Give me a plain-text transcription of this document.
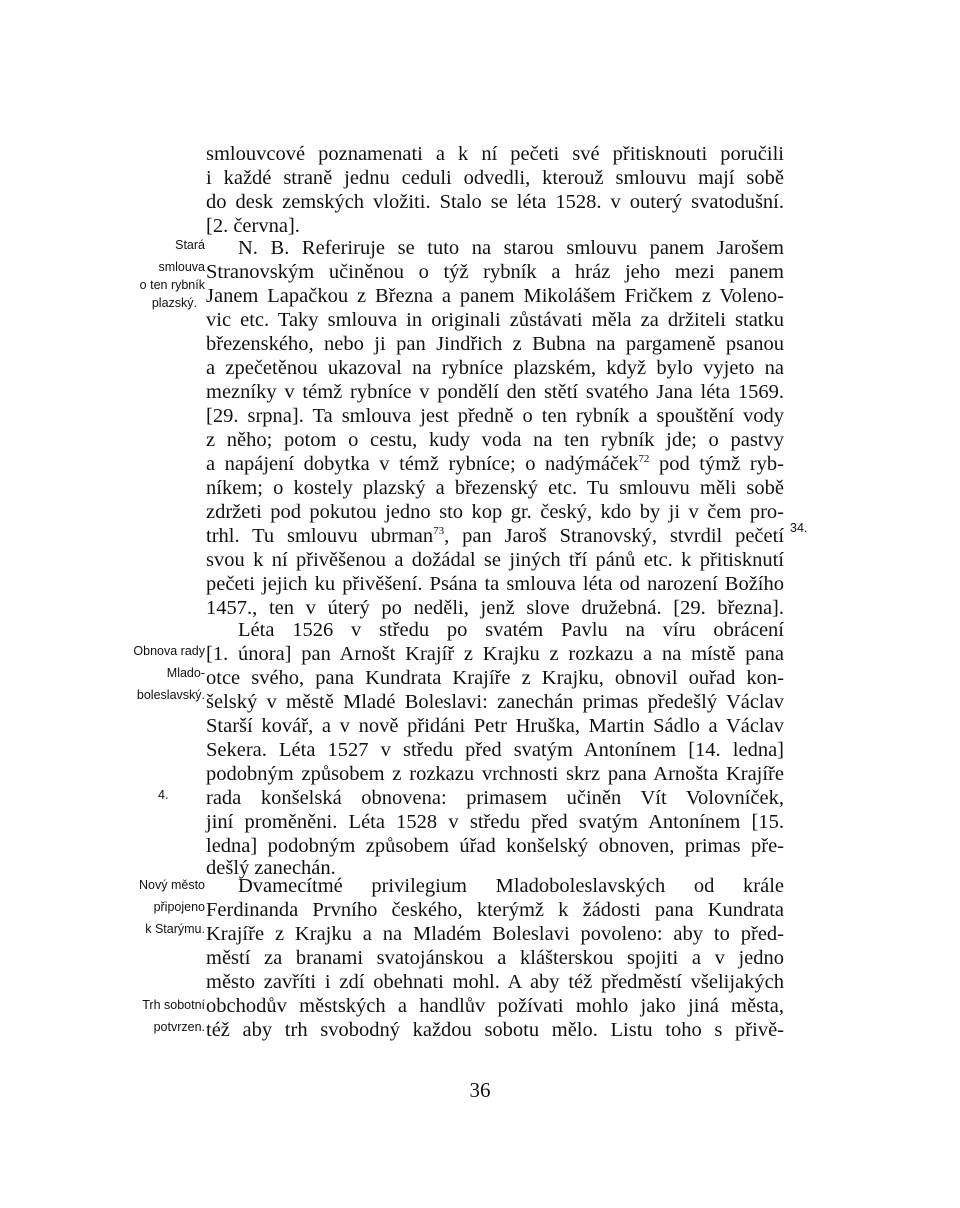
Stará
smlouva
o ten rybník
plazský.
Obnova rady
Mlado-
boleslavský.
4.
Nový město
připojeno
k Starýmu.
Trh sobotní
potvrzen.
34.
smlouvcové poznamenati a k ní pečeti své přitisknouti poručili
i každé straně jednu ceduli odvedli, kterouž smlouvu mají sobě
do desk zemských vložiti. Stalo se léta 1528. v outerý svatodušní.
[2. června].
N. B. Referiruje se tuto na starou smlouvu panem Jarošem
Stranovským učiněnou o týž rybník a hráz jeho mezi panem
Janem Lapačkou z Března a panem Mikolášem Fričkem z Voleno-
vic etc. Taky smlouva in originali zůstávati měla za držiteli statku
březenského, nebo ji pan Jindřich z Bubna na pargameně psanou
a zpečetěnou ukazoval na rybníce plazském, když bylo vyjeto na
mezníky v témž rybníce v pondělí den stětí svatého Jana léta 1569.
[29. srpna]. Ta smlouva jest předně o ten rybník a spouštění vody
z něho; potom o cestu, kudy voda na ten rybník jde; o pastvy
a napájení dobytka v témž rybníce; o nadýmáček$^{72}$ pod týmž ryb-
níkem; o kostely plazský a březenský etc. Tu smlouvu měli sobě
zdržeti pod pokutou jedno sto kop gr. český, kdo by ji v čem pro-
trhl. Tu smlouvu ubrman$^{73}$, pan Jaroš Stranovský, stvrdil pečetí
svou k ní přivěšenou a dožádal se jiných tří pánů etc. k přitisknutí
pečeti jejich ku přivěšení. Psána ta smlouva léta od narození Božího
1457., ten v úterý po neděli, jenž slove družebná. [29. března].
Léta 1526 v středu po svatém Pavlu na víru obrácení
[1. února] pan Arnošt Krajíř z Krajku z rozkazu a na místě pana
otce svého, pana Kundrata Krajíře z Krajku, obnovil ouřad kon-
šelský v městě Mladé Boleslavi: zanechán primas předešlý Václav
Starší kovář, a v nově přidáni Petr Hruška, Martin Sádlo a Václav
Sekera. Léta 1527 v středu před svatým Antonínem [14. ledna]
podobným způsobem z rozkazu vrchnosti skrz pana Arnošta Krajíře
rada konšelská obnovena: primasem učiněn Vít Volovníček,
jiní proměněni. Léta 1528 v středu před svatým Antonínem [15.
ledna] podobným způsobem úřad konšelský obnoven, primas pře-
dešlý zanechán.
Dvamecítmé privilegium Mladoboleslavských od krále
Ferdinanda Prvního českého, kterýmž k žádosti pana Kundrata
Krajíře z Krajku a na Mladém Boleslavi povoleno: aby to před-
městí za branami svatojánskou a klášterskou spojiti a v jedno
město zavříti i zdí obehnati mohl. A aby též předměstí všelijakých
obchodův městských a handlův požívati mohlo jako jiná města,
též aby trh svobodný každou sobotu mělo. Listu toho s přivě-
36
